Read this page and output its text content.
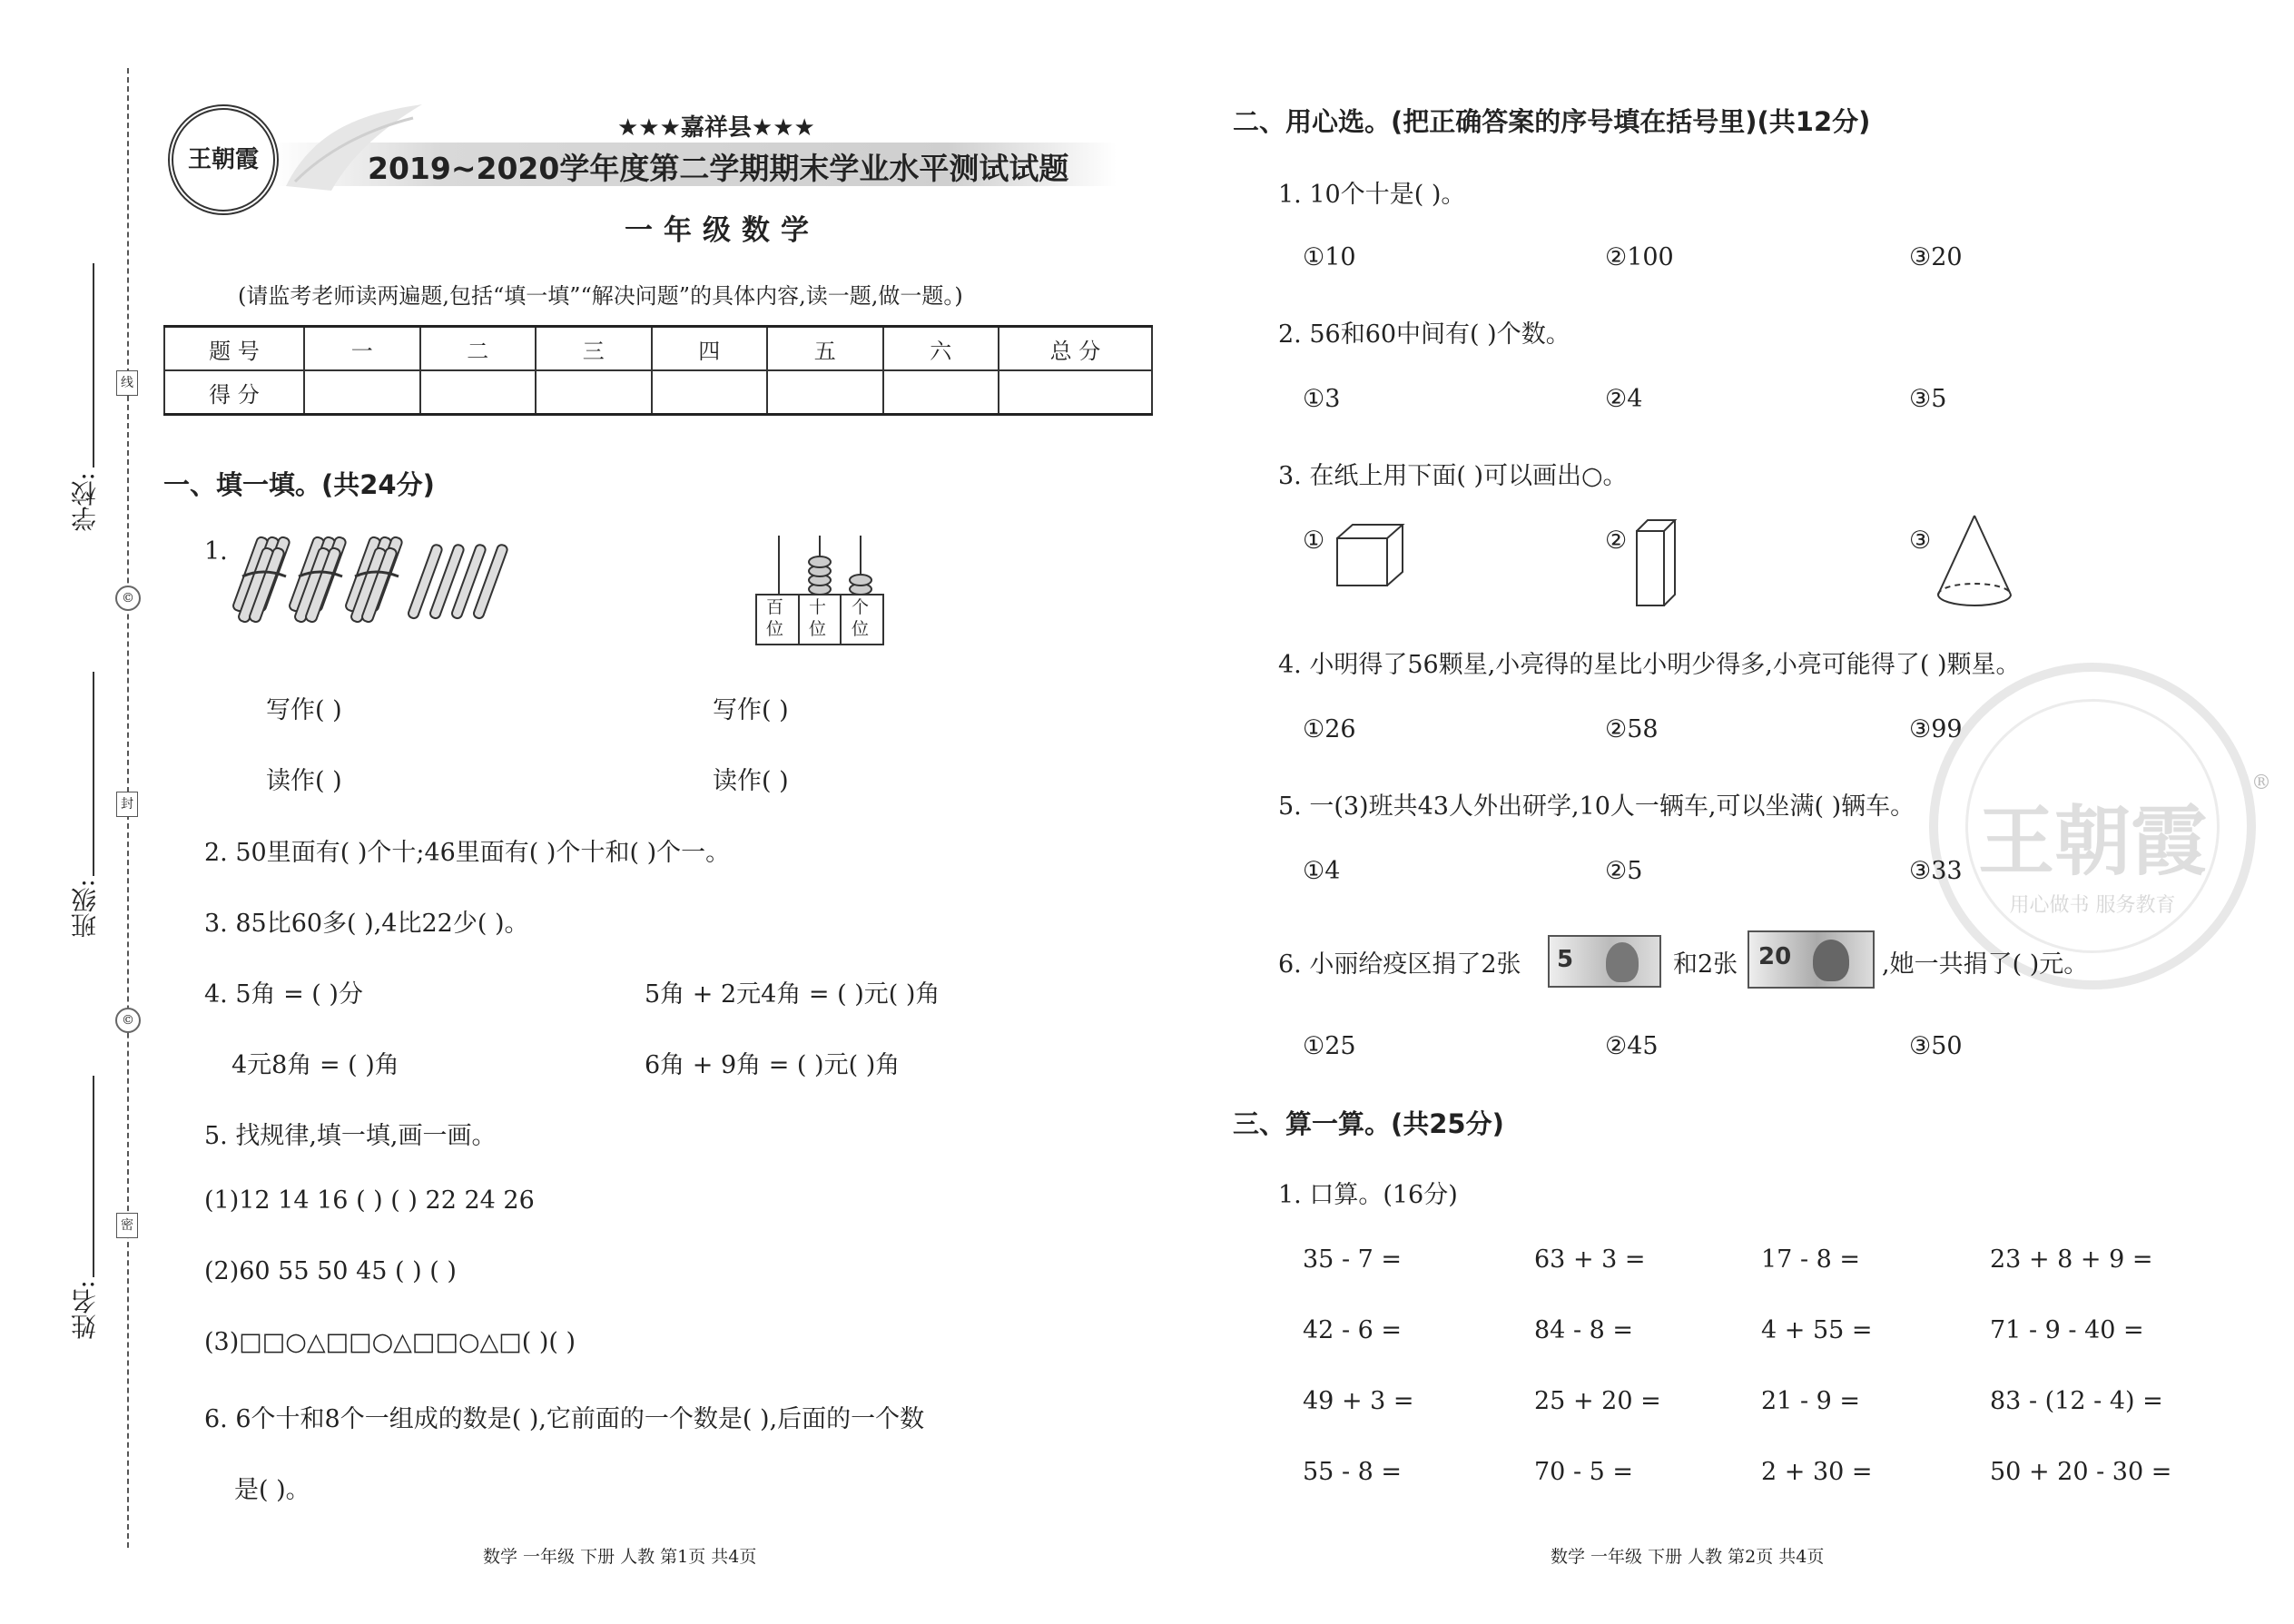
线
封
密
©
©
学校:
班级:
姓名:
王朝霞
★★★嘉祥县★★★
2019~2020学年度第二学期期末学业水平测试试题
一年级数学
(请监考老师读两遍题,包括“填一填”“解决问题”的具体内容,读一题,做一题。)
题 号	一	二	三	四	五	六	总 分
得 分							
一、填一填。(共24分)
1.
百位
十位
个位
写作( )	写作( )
读作( )	读作( )
2. 50里面有( )个十;46里面有( )个十和( )个一。
3. 85比60多( ),4比22少( )。
4. 5角 = ( )分	5角 + 2元4角 = ( )元( )角
4元8角 = ( )角	6角 + 9角 = ( )元( )角
5. 找规律,填一填,画一画。
(1)12 14 16 ( ) ( ) 22 24 26
(2)60 55 50 45 ( ) ( )
(3)□□○△□□○△□□○△□( )( )
6. 6个十和8个一组成的数是( ),它前面的一个数是( ),后面的一个数
是( )。
二、用心选。(把正确答案的序号填在括号里)(共12分)
1. 10个十是( )。
①10	②100	③20
2. 56和60中间有( )个数。
①3	②4	③5
3. 在纸上用下面( )可以画出○。
①	②	③
王朝霞
用心做书 服务教育
®
4. 小明得了56颗星,小亮得的星比小明少得多,小亮可能得了( )颗星。
①26	②58	③99
5. 一(3)班共43人外出研学,10人一辆车,可以坐满( )辆车。
①4	②5	③33
6. 小丽给疫区捐了2张 5	和2张 20	,她一共捐了( )元。
①25	②45	③50
三、算一算。(共25分)
1. 口算。(16分)
35 - 7 =	63 + 3 =	17 - 8 =	23 + 8 + 9 =
42 - 6 =	84 - 8 =	4 + 55 =	71 - 9 - 40 =
49 + 3 =	25 + 20 =	21 - 9 =	83 - (12 - 4) =
55 - 8 =	70 - 5 =	2 + 30 =	50 + 20 - 30 =
数学 一年级 下册 人教 第1页 共4页	数学 一年级 下册 人教 第2页 共4页
